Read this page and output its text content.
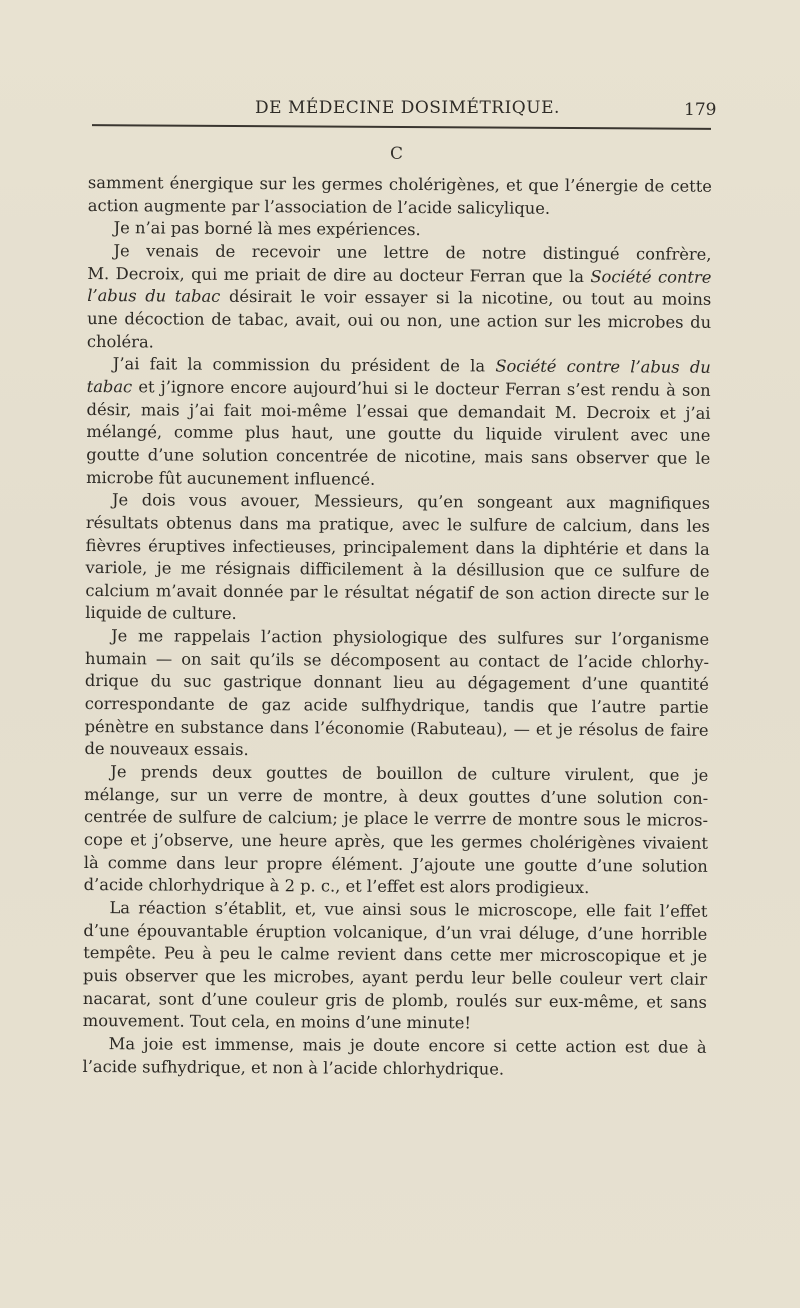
DE MÉDECINE DOSIMÉTRIQUE.	179
C
samment énergique sur les germes cholérigènes, et que l’énergie de cette
action augmente par l’association de l’acide salicylique.
Je n’ai pas borné là mes expériences.
Je venais de recevoir une lettre de notre distingué confrère,
M. Decroix, qui me priait de dire au docteur Ferran que la Société contre
l’abus du tabac désirait le voir essayer si la nicotine, ou tout au moins
une décoction de tabac, avait, oui ou non, une action sur les microbes du
choléra.
J’ai fait la commission du président de la Société contre l’abus du
tabac et j’ignore encore aujourd’hui si le docteur Ferran s’est rendu à son
désir, mais j’ai fait moi-même l’essai que demandait M. Decroix et j’ai
mélangé, comme plus haut, une goutte du liquide virulent avec une
goutte d’une solution concentrée de nicotine, mais sans observer que le
microbe fût aucunement influencé.
Je dois vous avouer, Messieurs, qu’en songeant aux magnifiques
résultats obtenus dans ma pratique, avec le sulfure de calcium, dans les
fièvres éruptives infectieuses, principalement dans la diphtérie et dans la
variole, je me résignais difficilement à la désillusion que ce sulfure de
calcium m’avait donnée par le résultat négatif de son action directe sur le
liquide de culture.
Je me rappelais l’action physiologique des sulfures sur l’organisme
humain — on sait qu’ils se décomposent au contact de l’acide chlorhy-
drique du suc gastrique donnant lieu au dégagement d’une quantité
correspondante de gaz acide sulfhydrique, tandis que l’autre partie
pénètre en substance dans l’économie (Rabuteau), — et je résolus de faire
de nouveaux essais.
Je prends deux gouttes de bouillon de culture virulent, que je
mélange, sur un verre de montre, à deux gouttes d’une solution con-
centrée de sulfure de calcium; je place le verrre de montre sous le micros-
cope et j’observe, une heure après, que les germes cholérigènes vivaient
là comme dans leur propre élément. J’ajoute une goutte d’une solution
d’acide chlorhydrique à 2 p. c., et l’effet est alors prodigieux.
La réaction s’établit, et, vue ainsi sous le microscope, elle fait l’effet
d’une épouvantable éruption volcanique, d’un vrai déluge, d’une horrible
tempête. Peu à peu le calme revient dans cette mer microscopique et je
puis observer que les microbes, ayant perdu leur belle couleur vert clair
nacarat, sont d’une couleur gris de plomb, roulés sur eux-même, et sans
mouvement. Tout cela, en moins d’une minute!
Ma joie est immense, mais je doute encore si cette action est due à
l’acide sufhydrique, et non à l’acide chlorhydrique.
